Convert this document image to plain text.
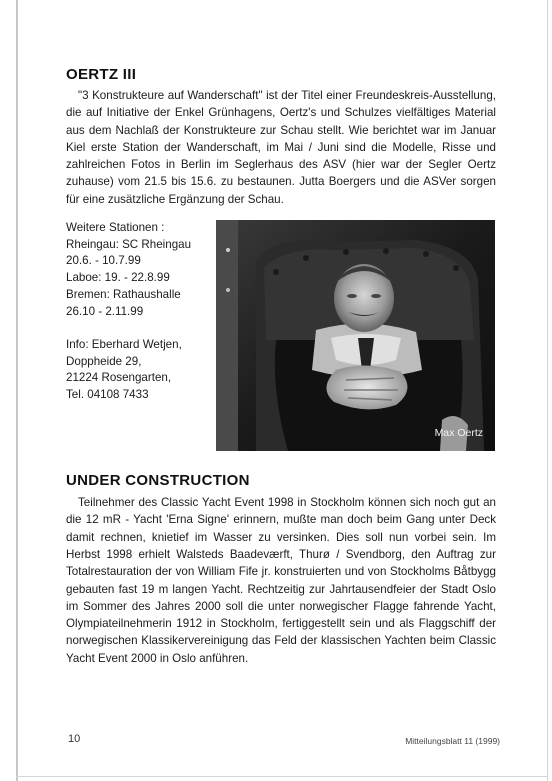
OERTZ III

"3 Konstrukteure auf Wanderschaft" ist der Titel einer Freundeskreis-Ausstellung, die auf Initiative der Enkel Grünhagens, Oertz's und Schulzes vielfältiges Material aus dem Nachlaß der Konstrukteure zur Schau stellt. Wie berichtet war im Januar Kiel erste Station der Wanderschaft, im Mai / Juni sind die Modelle, Risse und zahlreichen Fotos in Berlin im Seglerhaus des ASV (hier war der Segler Oertz zuhause) vom 21.5 bis 15.6. zu bestaunen. Jutta Boergers und die ASVer sorgen für eine zusätzliche Ergänzung der Schau.

Weitere Stationen :
Rheingau: SC Rheingau
20.6. - 10.7.99
Laboe: 19. - 22.8.99
Bremen: Rathaushalle
26.10 - 2.11.99
Info: Eberhard Wetjen,
Doppheide 29,
21224 Rosengarten,
Tel. 04108 7433
Max Oertz
UNDER CONSTRUCTION

Teilnehmer des Classic Yacht Event 1998 in Stockholm können sich noch gut an die 12 mR - Yacht 'Erna Signe' erinnern, mußte man doch beim Gang unter Deck damit rechnen, knietief im Wasser zu versinken. Dies soll nun vorbei sein. Im Herbst 1998 erhielt Walsteds Baadeværft, Thurø / Svendborg, den Auftrag zur Totalrestauration der von William Fife jr. konstruierten und von Stockholms Båtbygg gebauten fast 19 m langen Yacht. Rechtzeitig zur Jahrtausendfeier der Stadt Oslo im Sommer des Jahres 2000 soll die unter norwegischer Flagge fahrende Yacht, Olympiateilnehmerin 1912 in Stockholm, fertiggestellt sein und als Flaggschiff der norwegischen Klassikervereinigung das Feld der klassischen Yachten beim Classic Yacht Event 2000 in Oslo anführen.

10	Mitteilungsblatt 11 (1999)
